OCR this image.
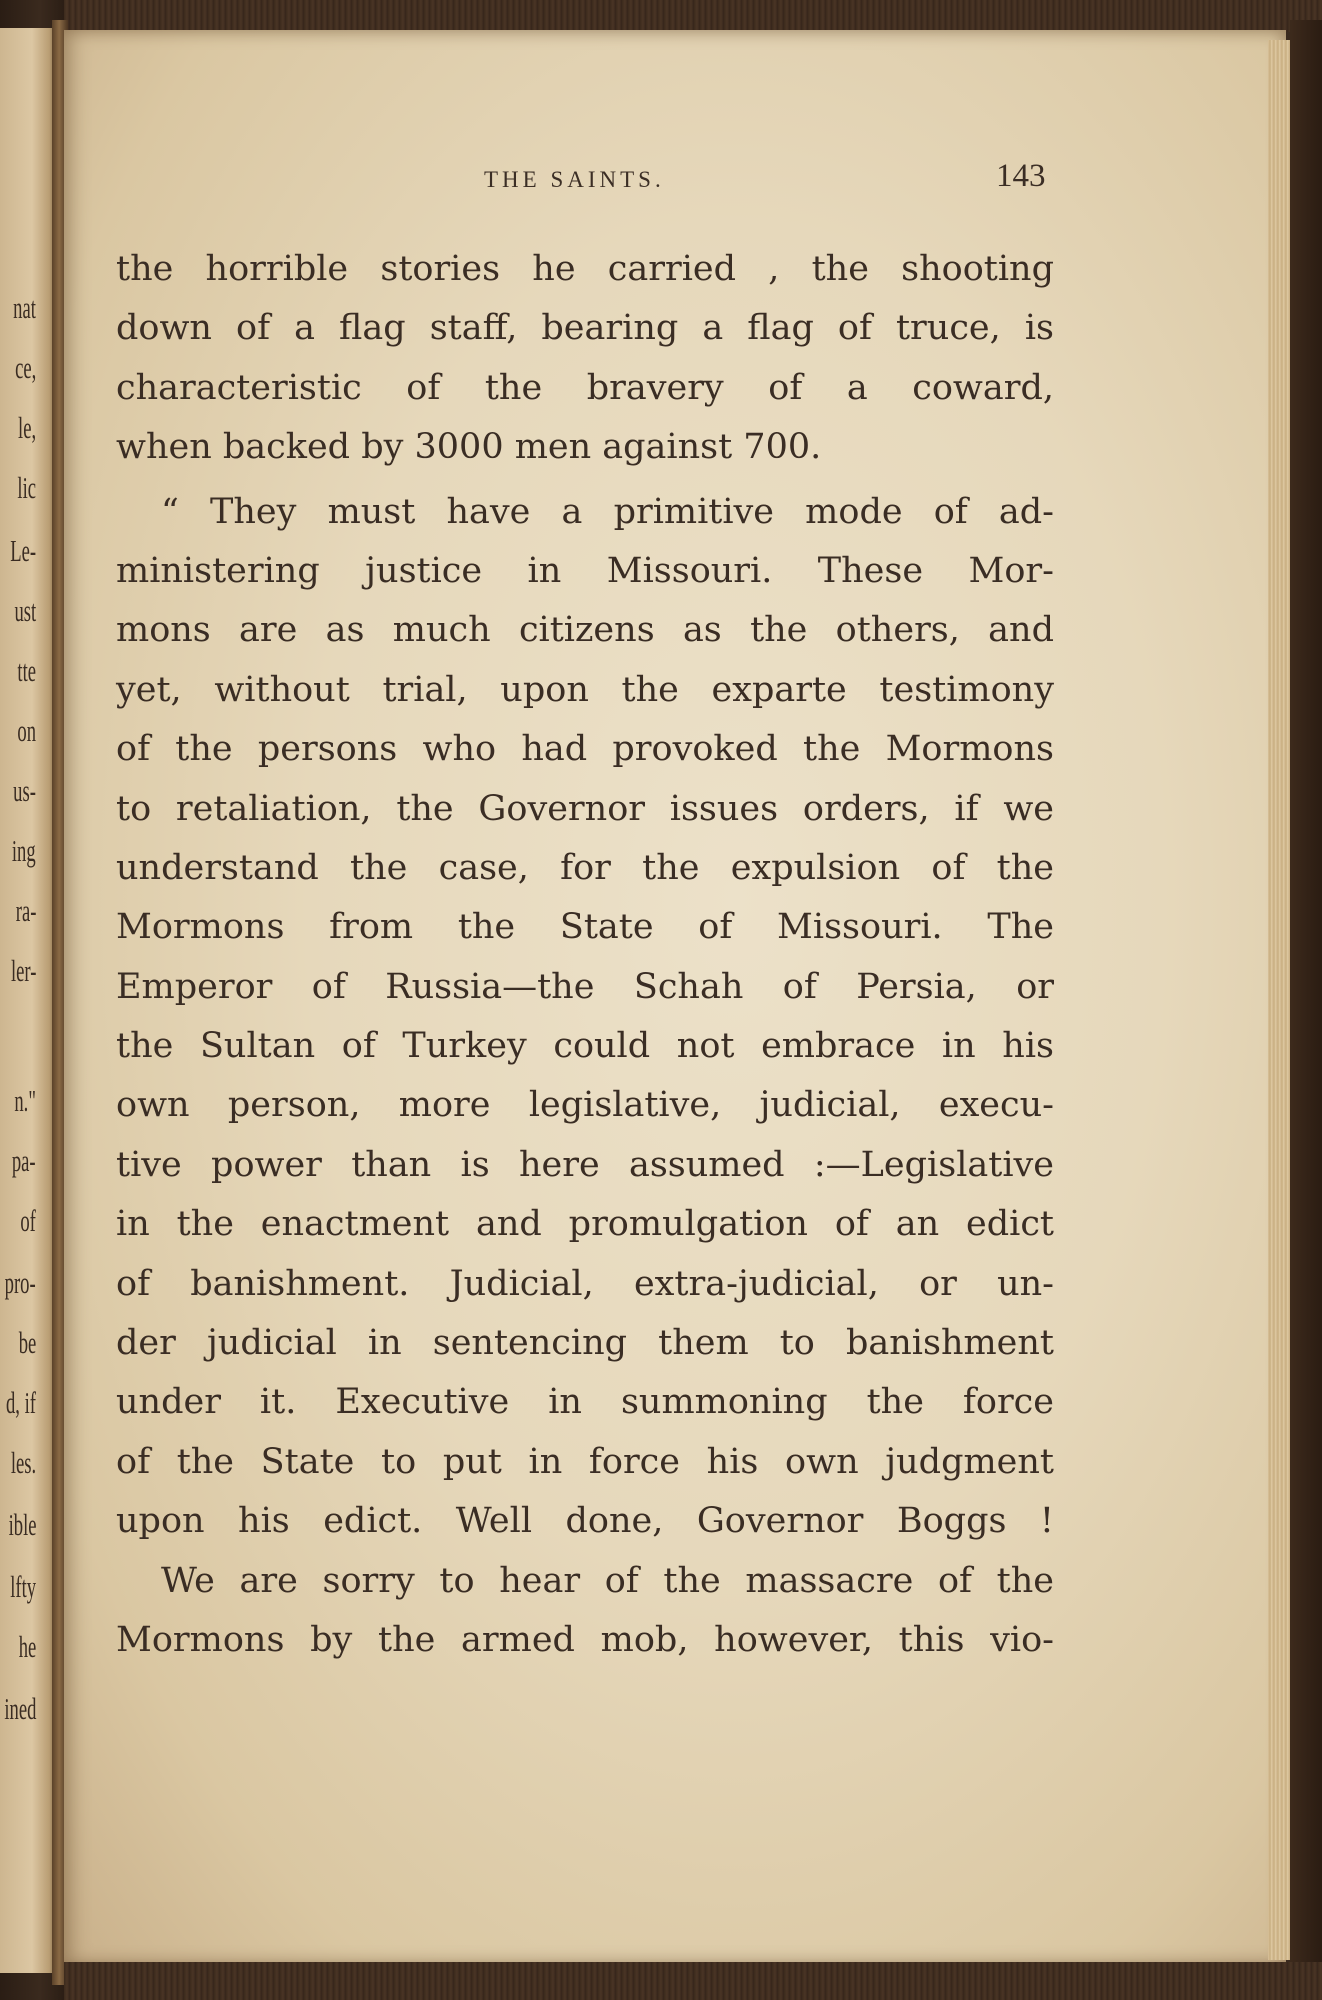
nat
ce,
le,
lic
Le-
ust
tte
on
us-
ing
ra-
ler-
n."
pa-
of
pro-
be
d, if
les.
ible
lfty
he
ined
THE SAINTS.	143
the horrible stories he carried , the shooting
down of a flag staff, bearing a flag of truce, is
characteristic of the bravery of a coward,
when backed by 3000 men against 700.
“ They must have a primitive mode of ad-
ministering justice in Missouri. These Mor-
mons are as much citizens as the others, and
yet, without trial, upon the exparte testimony
of the persons who had provoked the Mormons
to retaliation, the Governor issues orders, if we
understand the case, for the expulsion of the
Mormons from the State of Missouri. The
Emperor of Russia—the Schah of Persia, or
the Sultan of Turkey could not embrace in his
own person, more legislative, judicial, execu-
tive power than is here assumed :—Legislative
in the enactment and promulgation of an edict
of banishment. Judicial, extra-judicial, or un-
der judicial in sentencing them to banishment
under it. Executive in summoning the force
of the State to put in force his own judgment
upon his edict. Well done, Governor Boggs !
We are sorry to hear of the massacre of the
Mormons by the armed mob, however, this vio-
